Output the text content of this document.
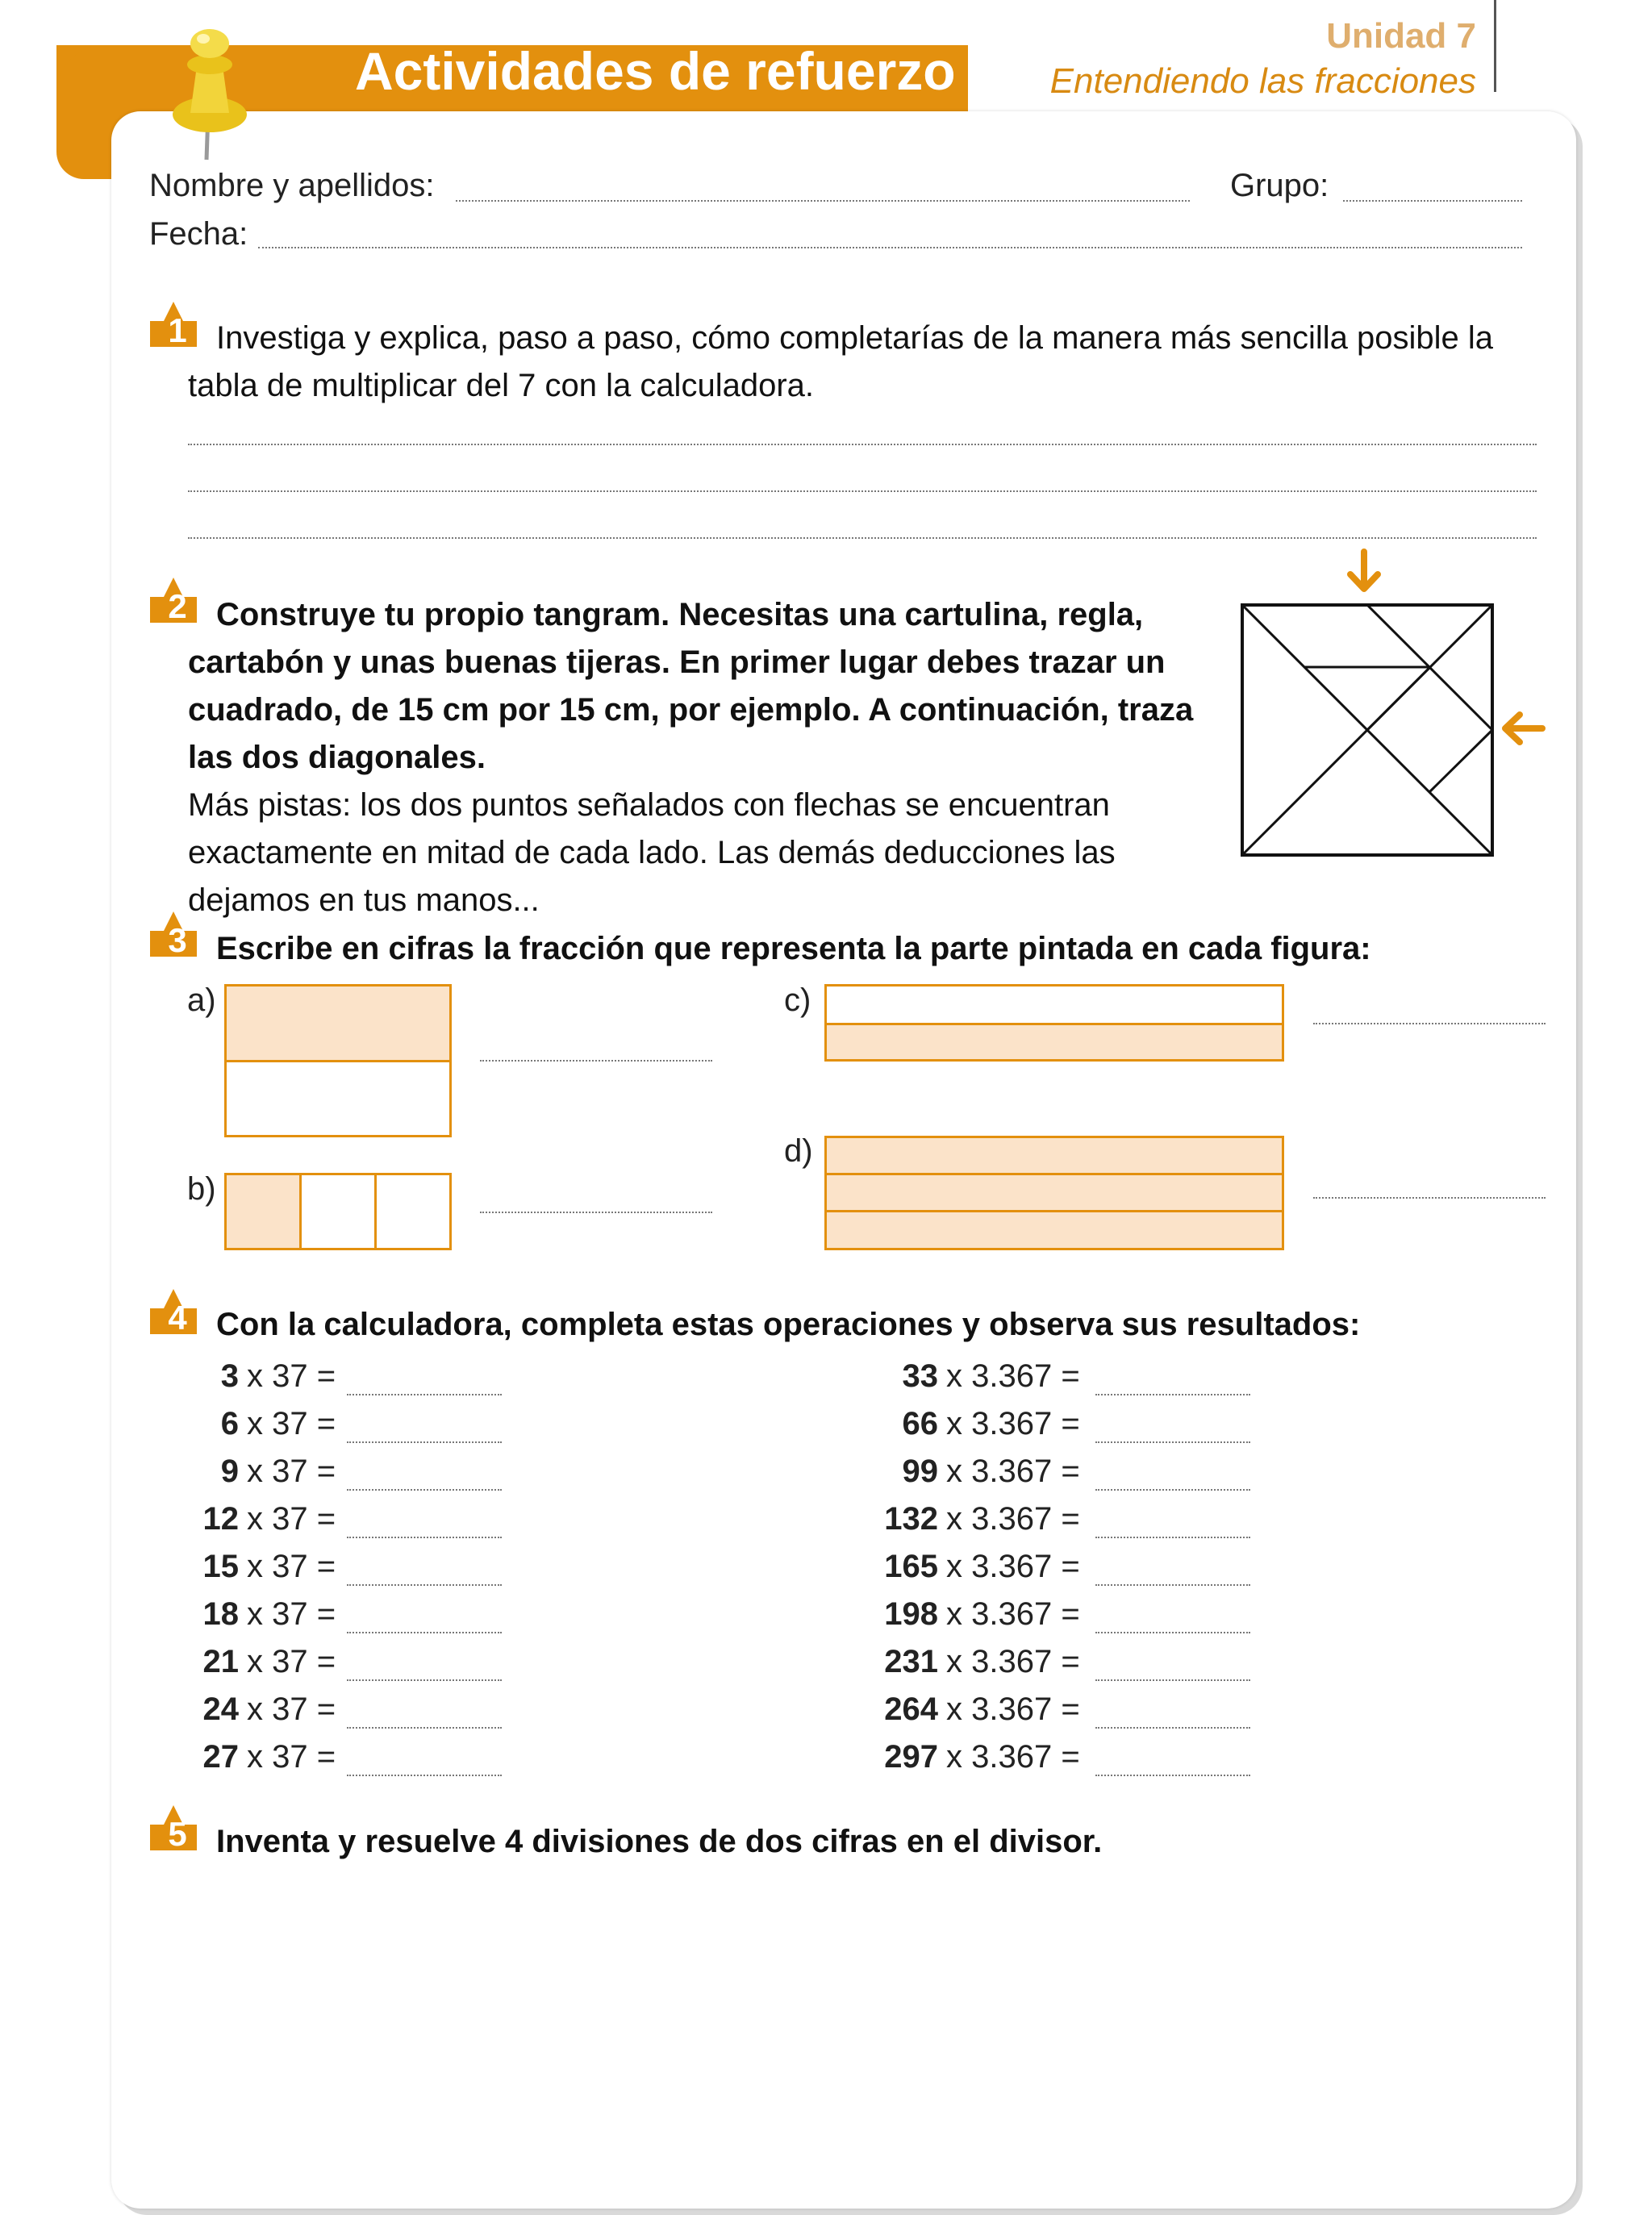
Actividades de refuerzo
Unidad 7
Entendiendo las fracciones
Nombre y apellidos:	Grupo:
Fecha:
1
2
3
4
5
Investiga y explica, paso a paso, cómo completarías de la manera más sencilla posible la tabla de multiplicar del 7 con la calculadora.
Construye tu propio tangram. Necesitas una cartulina, regla, cartabón y unas buenas tijeras. En primer lugar debes trazar un cuadrado, de 15 cm por 15 cm, por ejemplo. A continuación, traza las dos diagonales.
Más pistas: los dos puntos señalados con flechas se encuentran exactamente en mitad de cada lado. Las demás deducciones las dejamos en tus manos...
Escribe en cifras la fracción que representa la parte pintada en cada figura:
a)
b)
c)
d)
Con la calculadora, completa estas operaciones y observa sus resultados:
Inventa y resuelve 4 divisiones de dos cifras en el divisor.
3 x 37 =
6 x 37 =
9 x 37 =
12 x 37 =
15 x 37 =
18 x 37 =
21 x 37 =
24 x 37 =
27 x 37 =
33 x 3.367 =
66 x 3.367 =
99 x 3.367 =
132 x 3.367 =
165 x 3.367 =
198 x 3.367 =
231 x 3.367 =
264 x 3.367 =
297 x 3.367 =
